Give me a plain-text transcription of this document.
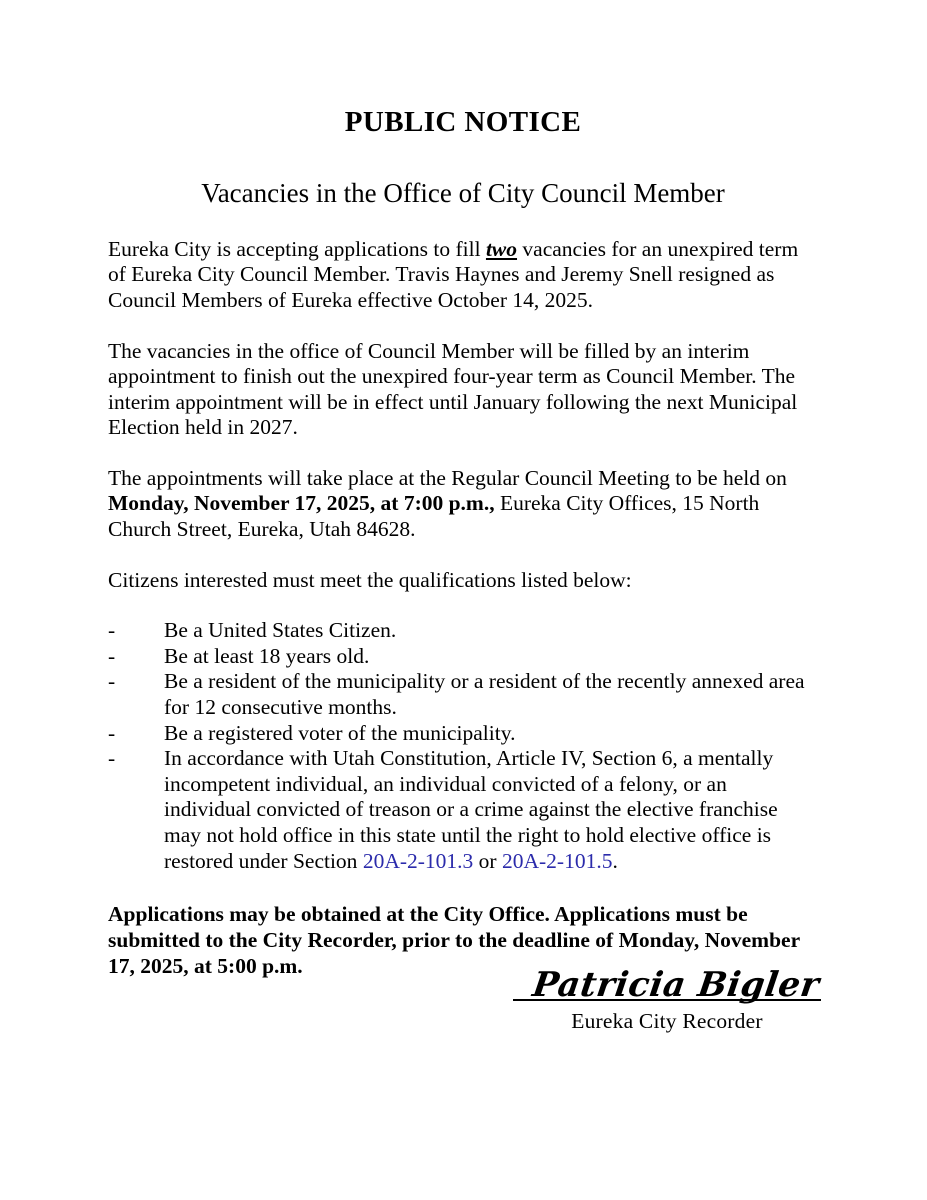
PUBLIC NOTICE
Vacancies in the Office of City Council Member

Eureka City is accepting applications to fill two vacancies for an unexpired term of Eureka City Council Member. Travis Haynes and Jeremy Snell resigned as Council Members of Eureka effective October 14, 2025.

The vacancies in the office of Council Member will be filled by an interim appointment to finish out the unexpired four-year term as Council Member. The interim appointment will be in effect until January following the next Municipal Election held in 2027.

The appointments will take place at the Regular Council Meeting to be held on Monday, November 17, 2025, at 7:00 p.m., Eureka City Offices, 15 North Church Street, Eureka, Utah 84628.

Citizens interested must meet the qualifications listed below:

-	Be a United States Citizen.
-	Be at least 18 years old.
-	Be a resident of the municipality or a resident of the recently annexed area for 12 consecutive months.
-	Be a registered voter of the municipality.
-	In accordance with Utah Constitution, Article IV, Section 6, a mentally incompetent individual, an individual convicted of a felony, or an individual convicted of treason or a crime against the elective franchise may not hold office in this state until the right to hold elective office is restored under Section 20A-2-101.3 or 20A-2-101.5.

Applications may be obtained at the City Office. Applications must be submitted to the City Recorder, prior to the deadline of Monday, November 17, 2025, at 5:00 p.m.	Patricia Bigler
Eureka City Recorder
